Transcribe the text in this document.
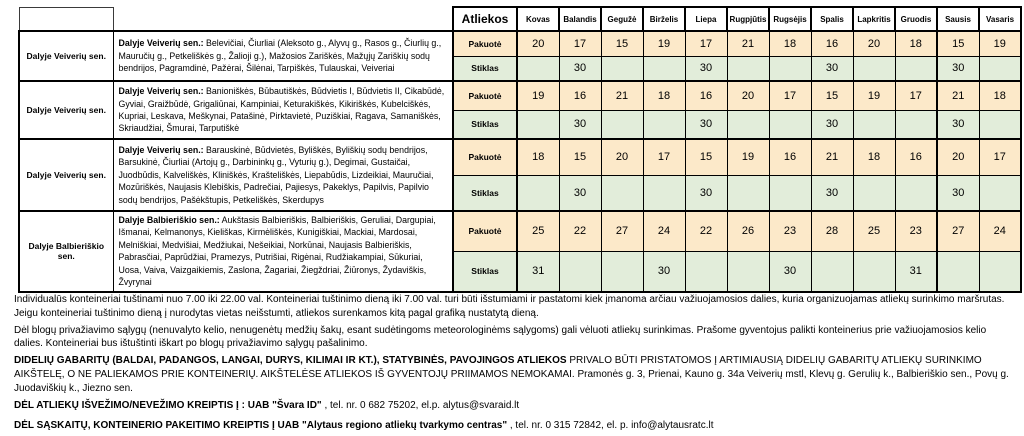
		Atliekos	Kovas	Balandis	Gegužė	Birželis	Liepa	Rugpjūtis	Rugsėjis	Spalis	Lapkritis	Gruodis	Sausis	Vasaris
Dalyje Veiverių sen.	Dalyje Veiverių sen.: Belevičiai, Čiurliai (Aleksoto g., Alyvų g., Rasos g., Čiurlių g., Mauručių g., Petkeliškės g., Žalioji g.), Mažosios Zariškės, Mažųjų Zariškių sodų bendrijos, Pagramdinė, Pažėrai, Šilėnai, Tarpiškės, Tulauskai, Veiveriai	Pakuotė	20	17	15	19	17	21	18	16	20	18	15	19
		Stiklas		30			30			30			30	
Dalyje Veiverių sen.	Dalyje Veiverių sen.: Banioniškės, Būbautiškės, Būdvietis I, Būdvietis II, Cikabūdė, Gyviai, Graižbūdė, Grigaliūnai, Kampiniai, Keturakiškės, Kikiriškės, Kubelciškės, Kupriai, Leskava, Meškynai, Patašinė, Pirktavietė, Puziškiai, Ragava, Samaniškės, Skriaudžiai, Šmurai, Tarputiškė	Pakuotė	19	16	21	18	16	20	17	15	19	17	21	18
		Stiklas		30			30			30			30	
Dalyje Veiverių sen.	Dalyje Veiverių sen.: Barauskinė, Būdvietės, Byliškės, Byliškių sodų bendrijos, Barsukinė, Čiurliai (Artojų g., Darbininkų g., Vyturių g.), Degimai, Gustaičai, Juodbūdis, Kalveliškės, Kliniškės, Krašteliškės, Liepabūdis, Lizdeikiai, Mauručiai, Mozūriškės, Naujasis Klebiškis, Padrečiai, Pajiesys, Pakeklys, Papilvis, Papilvio sodų bendrijos, Pašėkštupis, Petkeliškės, Skerdupys	Pakuotė	18	15	20	17	15	19	16	21	18	16	20	17
		Stiklas		30			30			30			30	
Dalyje Balbieriškio sen.	Dalyje Balbieriškio sen.: Aukštasis Balbieriškis, Balbieriškis, Geruliai, Dargupiai, Išmanai, Kelmanonys, Kieliškas, Kirmėliškės, Kunigiškiai, Mackiai, Mardosai, Melniškiai, Medvišiai, Medžiukai, Nešeikiai, Norkūnai, Naujasis Balbieriškis, Pabrasčiai, Paprūdžiai, Pramezys, Putrišiai, Rigėnai, Rudžiakampiai, Sūkuriai, Uosa, Vaiva, Vaizgaikiemis, Zaslona, Žagariai, Žiegždriai, Žiūronys, Žydaviškis, Žvyrynai	Pakuotė	25	22	27	24	22	26	23	28	25	23	27	24
		Stiklas	31			30			30			31		

Individualūs konteineriai tuštinami nuo 7.00 iki 22.00 val. Konteineriai tuštinimo dieną iki 7.00 val. turi būti išstumiami ir pastatomi kiek įmanoma arčiau važiuojamosios dalies, kuria organizuojamas atliekų surinkimo maršrutas. Jeigu konteineriai tuštinimo dieną į nurodytas vietas neišstumti, atliekos surenkamos kitą pagal grafiką nustatytą dieną.

Dėl blogų privažiavimo sąlygų (nenuvalyto kelio, nenugenėtų medžių šakų, esant sudėtingoms meteorologinėms sąlygoms) gali vėluoti atliekų surinkimas. Prašome gyventojus palikti konteinerius prie važiuojamosios kelio dalies. Konteineriai bus ištuštinti iškart po blogų privažiavimo sąlygų pašalinimo.

DIDELIŲ GABARITŲ (BALDAI, PADANGOS, LANGAI, DURYS, KILIMAI IR KT.), STATYBINĖS, PAVOJINGOS ATLIEKOS PRIVALO BŪTI PRISTATOMOS Į ARTIMIAUSIĄ DIDELIŲ GABARITŲ ATLIEKŲ SURINKIMO AIKŠTELĘ, O NE PALIEKAMOS PRIE KONTEINERIŲ. AIKŠTELĖSE ATLIEKOS IŠ GYVENTOJŲ PRIIMAMOS NEMOKAMAI. Pramonės g. 3, Prienai, Kauno g. 34a Veiverių mstl, Klevų g. Gerulių k., Balbieriškio sen., Povų g. Juodaviškių k., Jiezno sen.

DĖL ATLIEKŲ IŠVEŽIMO/NEVEŽIMO KREIPTIS Į : UAB "Švara ID" , tel. nr. 0 682 75202, el.p. alytus@svaraid.lt

DĖL SĄSKAITŲ, KONTEINERIO PAKEITIMO KREIPTIS Į UAB "Alytaus regiono atliekų tvarkymo centras" , tel. nr. 0 315 72842, el. p. info@alytausratc.lt
